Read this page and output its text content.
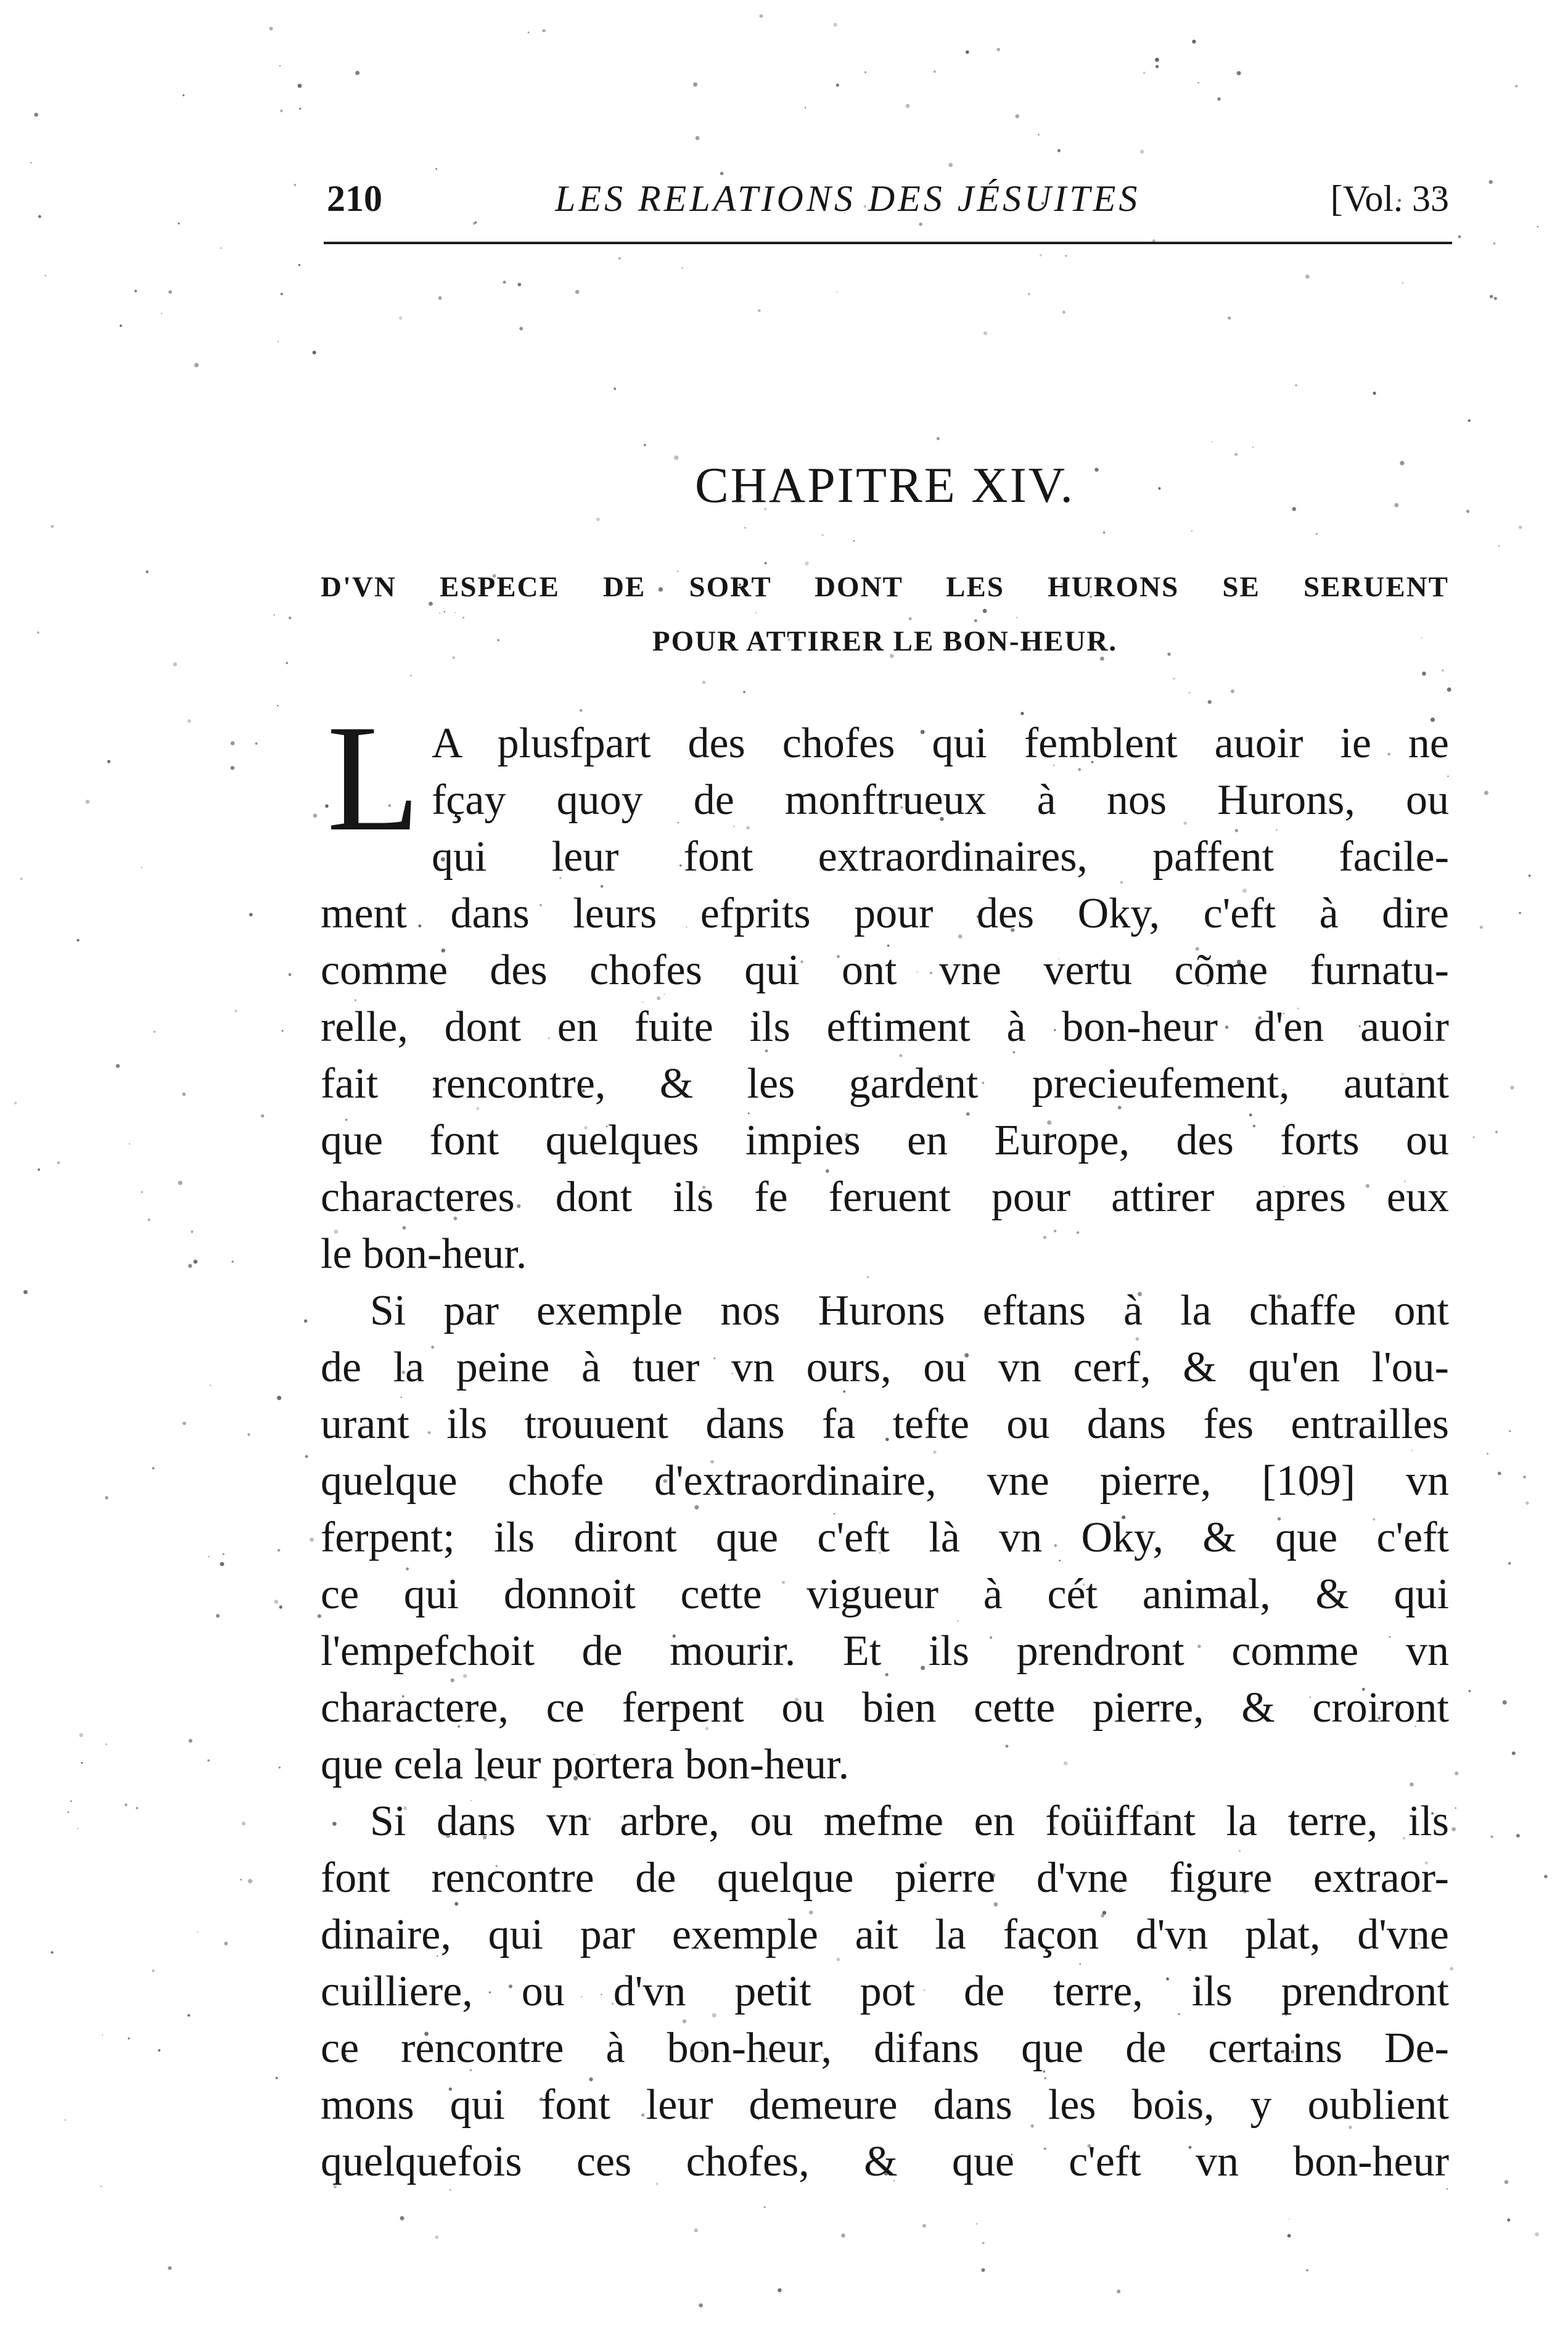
210	LES RELATIONS DES JÉSUITES	[Vol. 33
CHAPITRE XIV.
D'VN ESPECE DE SORT DONT LES HURONS SE SERUENT
POUR ATTIRER LE BON-HEUR.
L A plusfpart des chofes qui femblent auoir ie ne
fçay quoy de monftrueux à nos Hurons, ou
qui leur font extraordinaires, paffent facile-
ment dans leurs efprits pour des Oky, c'eft à dire
comme des chofes qui ont vne vertu cõme furnatu-
relle, dont en fuite ils eftiment à bon-heur d'en auoir
fait rencontre, & les gardent precieufement, autant
que font quelques impies en Europe, des forts ou
characteres dont ils fe feruent pour attirer apres eux
le bon-heur.
Si par exemple nos Hurons eftans à la chaffe ont
de la peine à tuer vn ours, ou vn cerf, & qu'en l'ou-
urant ils trouuent dans fa tefte ou dans fes entrailles
quelque chofe d'extraordinaire, vne pierre, [109] vn
ferpent; ils diront que c'eft là vn Oky, & que c'eft
ce qui donnoit cette vigueur à cét animal, & qui
l'empefchoit de mourir. Et ils prendront comme vn
charactere, ce ferpent ou bien cette pierre, & croiront
que cela leur portera bon-heur.
Si dans vn arbre, ou mefme en foüiffant la terre, ils
font rencontre de quelque pierre d'vne figure extraor-
dinaire, qui par exemple ait la façon d'vn plat, d'vne
cuilliere, ou d'vn petit pot de terre, ils prendront
ce rencontre à bon-heur, difans que de certains De-
mons qui font leur demeure dans les bois, y oublient
quelquefois ces chofes, & que c'eft vn bon-heur
